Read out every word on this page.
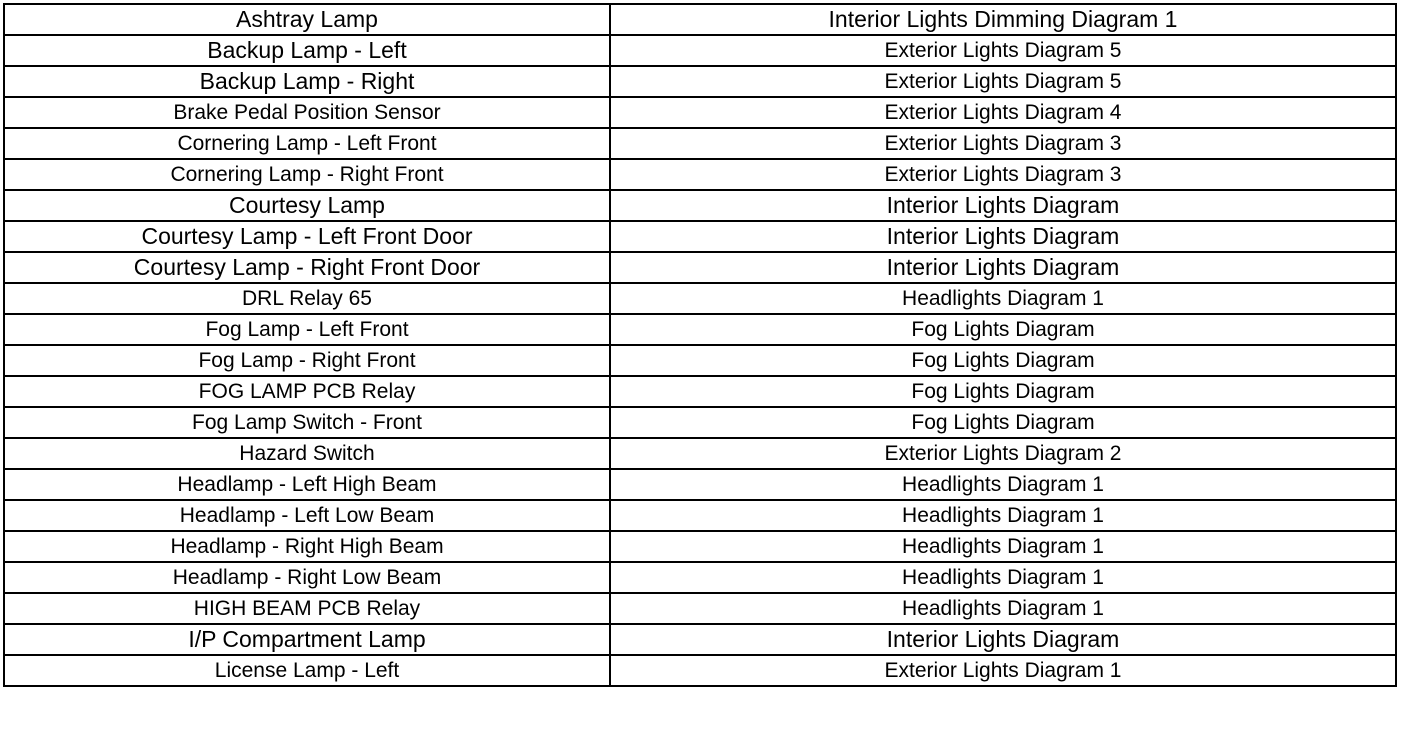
Ashtray Lamp	Interior Lights Dimming Diagram 1
Backup Lamp - Left	Exterior Lights Diagram 5
Backup Lamp - Right	Exterior Lights Diagram 5
Brake Pedal Position Sensor	Exterior Lights Diagram 4
Cornering Lamp - Left Front	Exterior Lights Diagram 3
Cornering Lamp - Right Front	Exterior Lights Diagram 3
Courtesy Lamp	Interior Lights Diagram
Courtesy Lamp - Left Front Door	Interior Lights Diagram
Courtesy Lamp - Right Front Door	Interior Lights Diagram
DRL Relay 65	Headlights Diagram 1
Fog Lamp - Left Front	Fog Lights Diagram
Fog Lamp - Right Front	Fog Lights Diagram
FOG LAMP PCB Relay	Fog Lights Diagram
Fog Lamp Switch - Front	Fog Lights Diagram
Hazard Switch	Exterior Lights Diagram 2
Headlamp - Left High Beam	Headlights Diagram 1
Headlamp - Left Low Beam	Headlights Diagram 1
Headlamp - Right High Beam	Headlights Diagram 1
Headlamp - Right Low Beam	Headlights Diagram 1
HIGH BEAM PCB Relay	Headlights Diagram 1
I/P Compartment Lamp	Interior Lights Diagram
License Lamp - Left	Exterior Lights Diagram 1
